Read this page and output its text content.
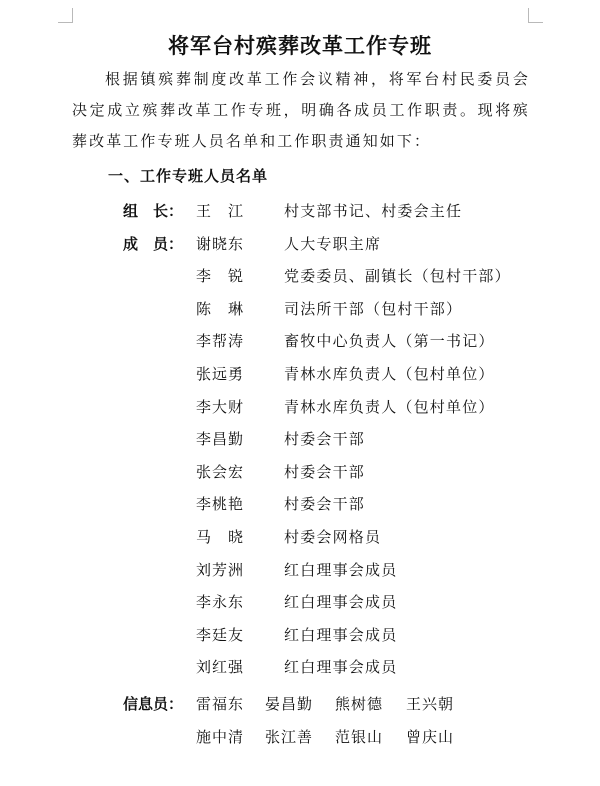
将军台村殡葬改革工作专班
根据镇殡葬制度改革工作会议精神，将军台村民委员会决定成立殡葬改革工作专班，明确各成员工作职责。现将殡葬改革工作专班人员名单和工作职责通知如下：
一、工作专班人员名单
组　长： 王　江	村支部书记、村委会主任
成　员： 谢晓东	人大专职主席
李　锐	党委委员、副镇长（包村干部）
陈　琳	司法所干部（包村干部）
李帮涛	畜牧中心负责人（第一书记）
张远勇	青林水库负责人（包村单位）
李大财	青林水库负责人（包村单位）
李昌勤	村委会干部
张会宏	村委会干部
李桃艳	村委会干部
马　晓	村委会网格员
刘芳洲	红白理事会成员
李永东	红白理事会成员
李廷友	红白理事会成员
刘红强	红白理事会成员
信息员： 雷福东 晏昌勤 熊树德 王兴朝
施中清 张江善 范银山 曾庆山
